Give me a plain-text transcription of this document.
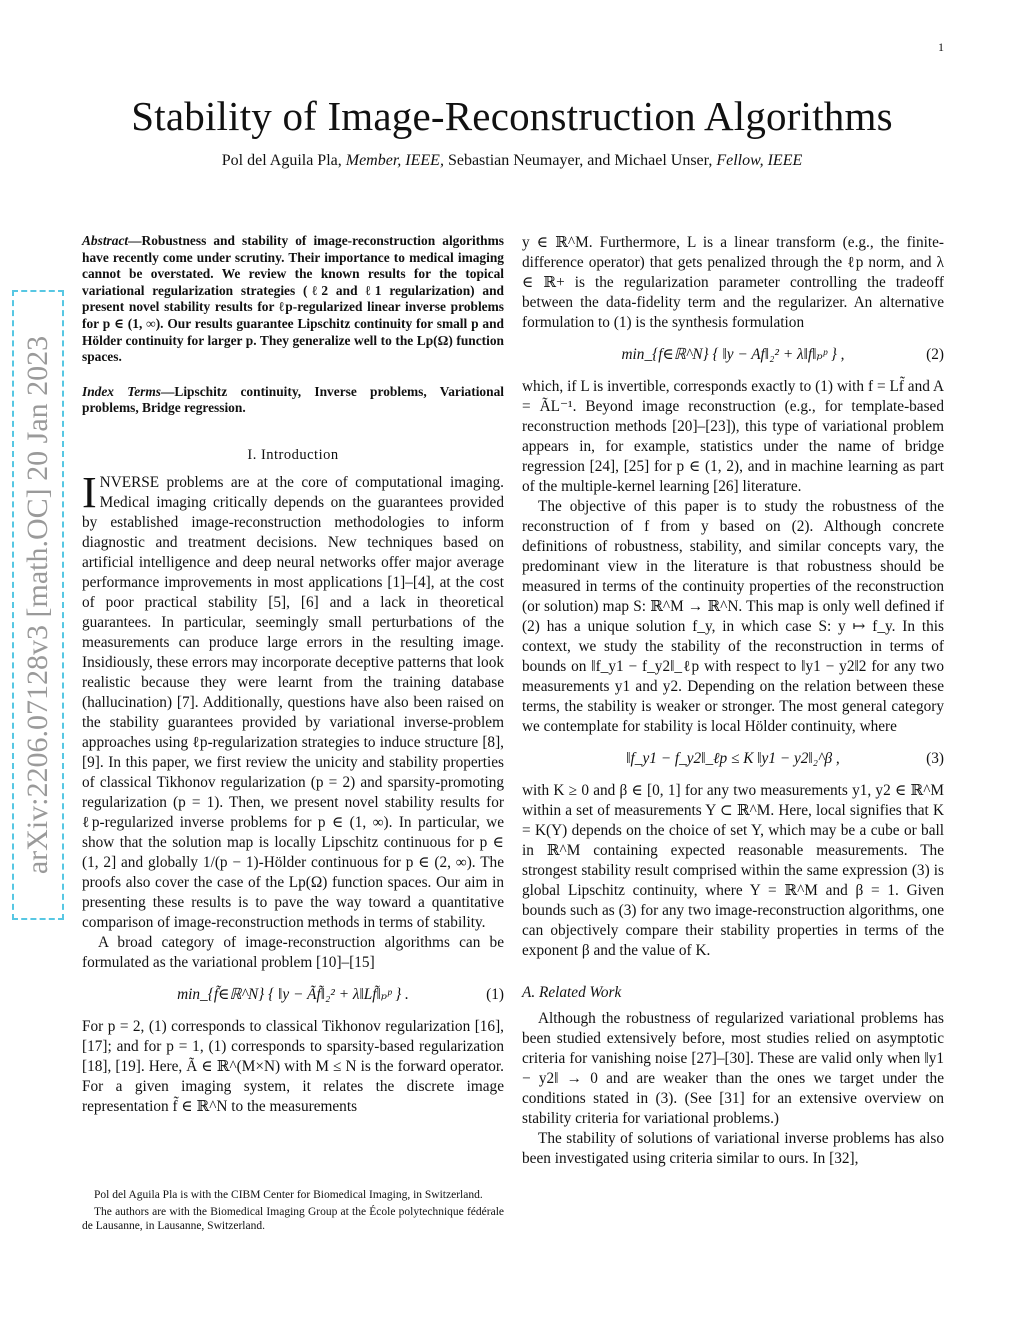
1
arXiv:2206.07128v3 [math.OC] 20 Jan 2023
Stability of Image-Reconstruction Algorithms
Pol del Aguila Pla, Member, IEEE, Sebastian Neumayer, and Michael Unser, Fellow, IEEE

Abstract—Robustness and stability of image-reconstruction algorithms have recently come under scrutiny. Their importance to medical imaging cannot be overstated. We review the known results for the topical variational regularization strategies (ℓ2 and ℓ1 regularization) and present novel stability results for ℓp-regularized linear inverse problems for p ∈ (1, ∞). Our results guarantee Lipschitz continuity for small p and Hölder continuity for larger p. They generalize well to the Lp(Ω) function spaces.

Index Terms—Lipschitz continuity, Inverse problems, Variational problems, Bridge regression.

I. Introduction

INVERSE problems are at the core of computational imaging. Medical imaging critically depends on the guarantees provided by established image-reconstruction methodologies to inform diagnostic and treatment decisions. New techniques based on artificial intelligence and deep neural networks offer major average performance improvements in most applications [1]–[4], at the cost of poor practical stability [5], [6] and a lack in theoretical guarantees. In particular, seemingly small perturbations of the measurements can produce large errors in the resulting image. Insidiously, these errors may incorporate deceptive patterns that look realistic because they were learnt from the training database (hallucination) [7]. Additionally, questions have also been raised on the stability guarantees provided by variational inverse-problem approaches using ℓp-regularization strategies to induce structure [8], [9]. In this paper, we first review the unicity and stability properties of classical Tikhonov regularization (p = 2) and sparsity-promoting regularization (p = 1). Then, we present novel stability results for ℓp-regularized inverse problems for p ∈ (1, ∞). In particular, we show that the solution map is locally Lipschitz continuous for p ∈ (1, 2] and globally 1/(p − 1)-Hölder continuous for p ∈ (2, ∞). The proofs also cover the case of the Lp(Ω) function spaces. Our aim in presenting these results is to pave the way toward a quantitative comparison of image-reconstruction methods in terms of stability.

A broad category of image-reconstruction algorithms can be formulated as the variational problem [10]–[15]

min_{f̃∈ℝ^N} { ‖y − Ãf̃‖₂² + λ‖Lf̃‖ₚᵖ } .	(1)

For p = 2, (1) corresponds to classical Tikhonov regularization [16], [17]; and for p = 1, (1) corresponds to sparsity-based regularization [18], [19]. Here, Ã ∈ ℝ^(M×N) with M ≤ N is the forward operator. For a given imaging system, it relates the discrete image representation f̃ ∈ ℝ^N to the measurements

y ∈ ℝ^M. Furthermore, L is a linear transform (e.g., the finite-difference operator) that gets penalized through the ℓp norm, and λ ∈ ℝ+ is the regularization parameter controlling the tradeoff between the data-fidelity term and the regularizer. An alternative formulation to (1) is the synthesis formulation

min_{f∈ℝ^N} { ‖y − Af‖₂² + λ‖f‖ₚᵖ } ,	(2)

which, if L is invertible, corresponds exactly to (1) with f = Lf̃ and A = ÃL⁻¹. Beyond image reconstruction (e.g., for template-based reconstruction methods [20]–[23]), this type of variational problem appears in, for example, statistics under the name of bridge regression [24], [25] for p ∈ (1, 2), and in machine learning as part of the multiple-kernel learning [26] literature.

The objective of this paper is to study the robustness of the reconstruction of f from y based on (2). Although concrete definitions of robustness, stability, and similar concepts vary, the predominant view in the literature is that robustness should be measured in terms of the continuity properties of the reconstruction (or solution) map S: ℝ^M → ℝ^N. This map is only well defined if (2) has a unique solution f_y, in which case S: y ↦ f_y. In this context, we study the stability of the reconstruction in terms of bounds on ‖f_y1 − f_y2‖_ℓp with respect to ‖y1 − y2‖2 for any two measurements y1 and y2. Depending on the relation between these terms, the stability is weaker or stronger. The most general category we contemplate for stability is local Hölder continuity, where

‖f_y1 − f_y2‖_ℓp ≤ K ‖y1 − y2‖₂^β ,	(3)

with K ≥ 0 and β ∈ [0, 1] for any two measurements y1, y2 ∈ ℝ^M within a set of measurements Y ⊂ ℝ^M. Here, local signifies that K = K(Y) depends on the choice of set Y, which may be a cube or ball in ℝ^M containing expected reasonable measurements. The strongest stability result comprised within the same expression (3) is global Lipschitz continuity, where Y = ℝ^M and β = 1. Given bounds such as (3) for any two image-reconstruction algorithms, one can objectively compare their stability properties in terms of the exponent β and the value of K.

A. Related Work

Although the robustness of regularized variational problems has been studied extensively before, most studies relied on asymptotic criteria for vanishing noise [27]–[30]. These are valid only when ‖y1 − y2‖ → 0 and are weaker than the ones we target under the conditions stated in (3). (See [31] for an extensive overview on stability criteria for variational problems.)

The stability of solutions of variational inverse problems has also been investigated using criteria similar to ours. In [32],

Pol del Aguila Pla is with the CIBM Center for Biomedical Imaging, in Switzerland.

The authors are with the Biomedical Imaging Group at the École polytechnique fédérale de Lausanne, in Lausanne, Switzerland.
